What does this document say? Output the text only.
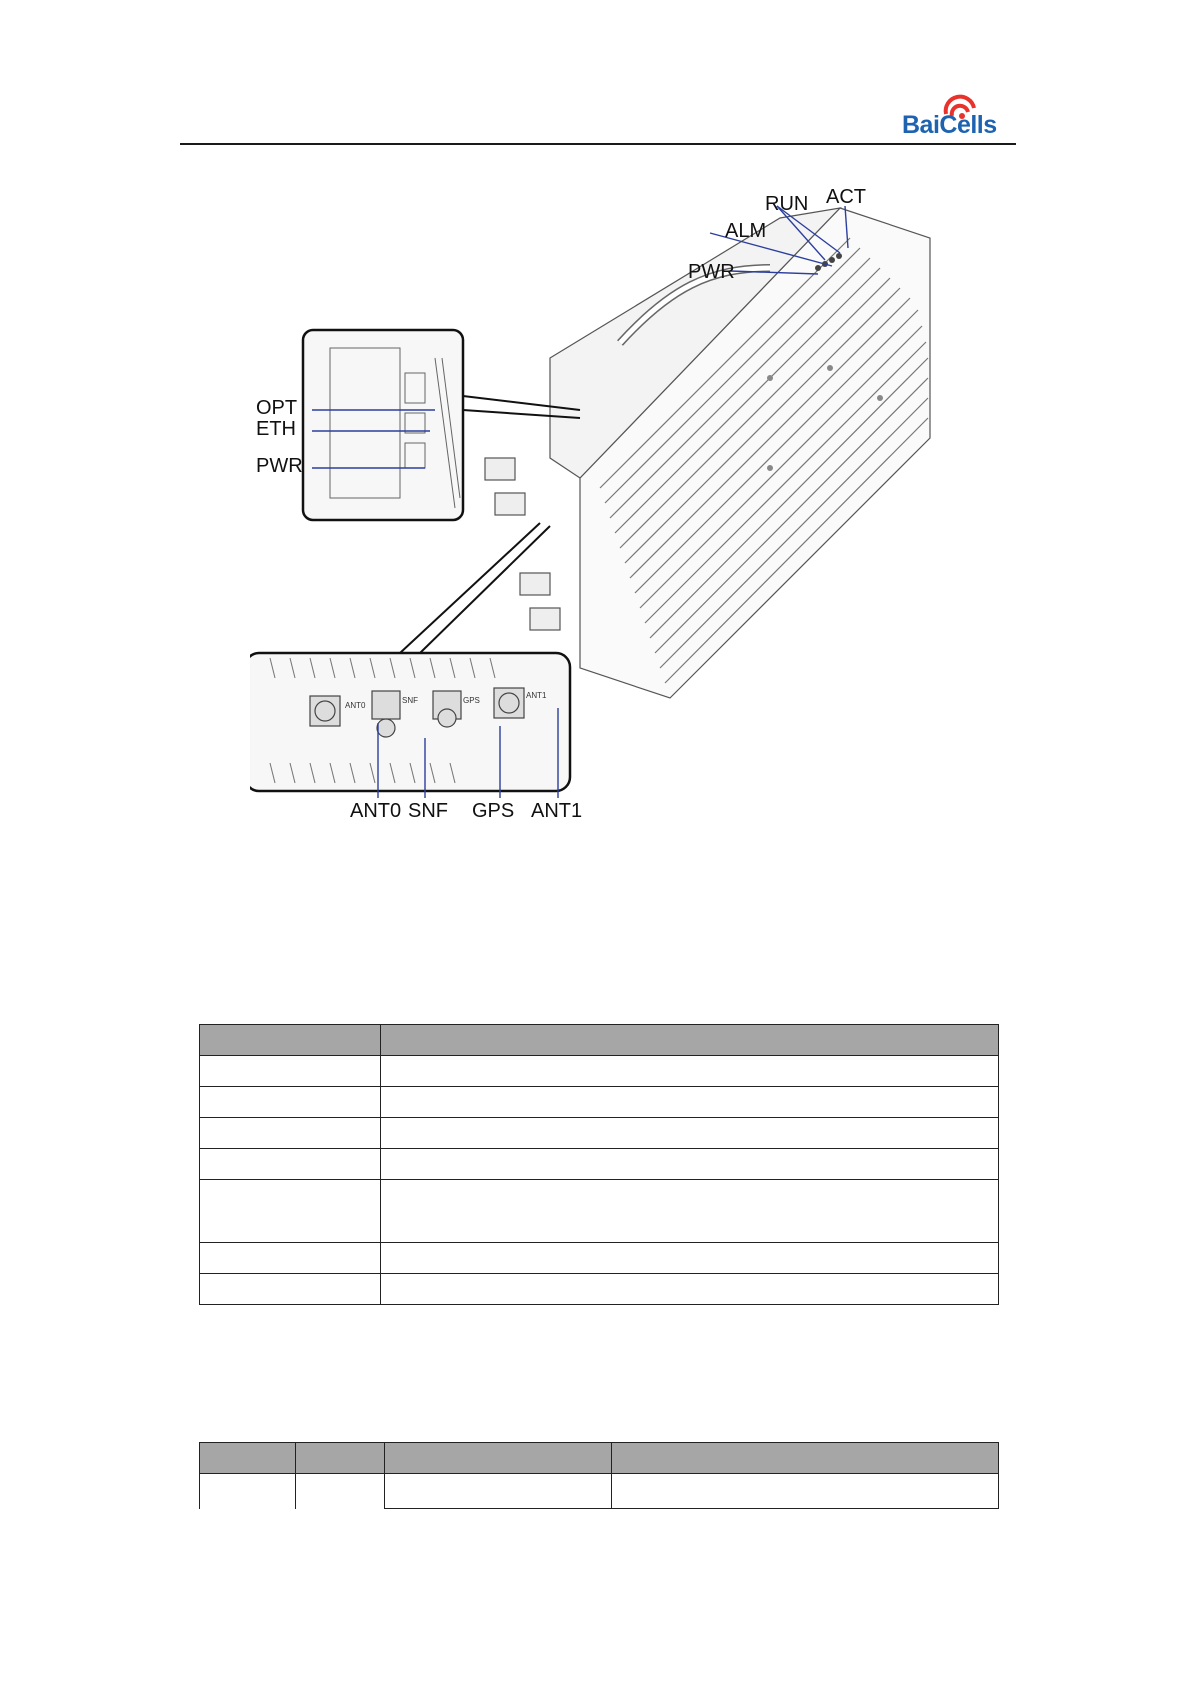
BaiCells
ANT0
SNF	GPS
ANT1
ACT
RUN
ALM
PWR
OPT
ETH
PWR
ANT0 SNF GPS ANT1
